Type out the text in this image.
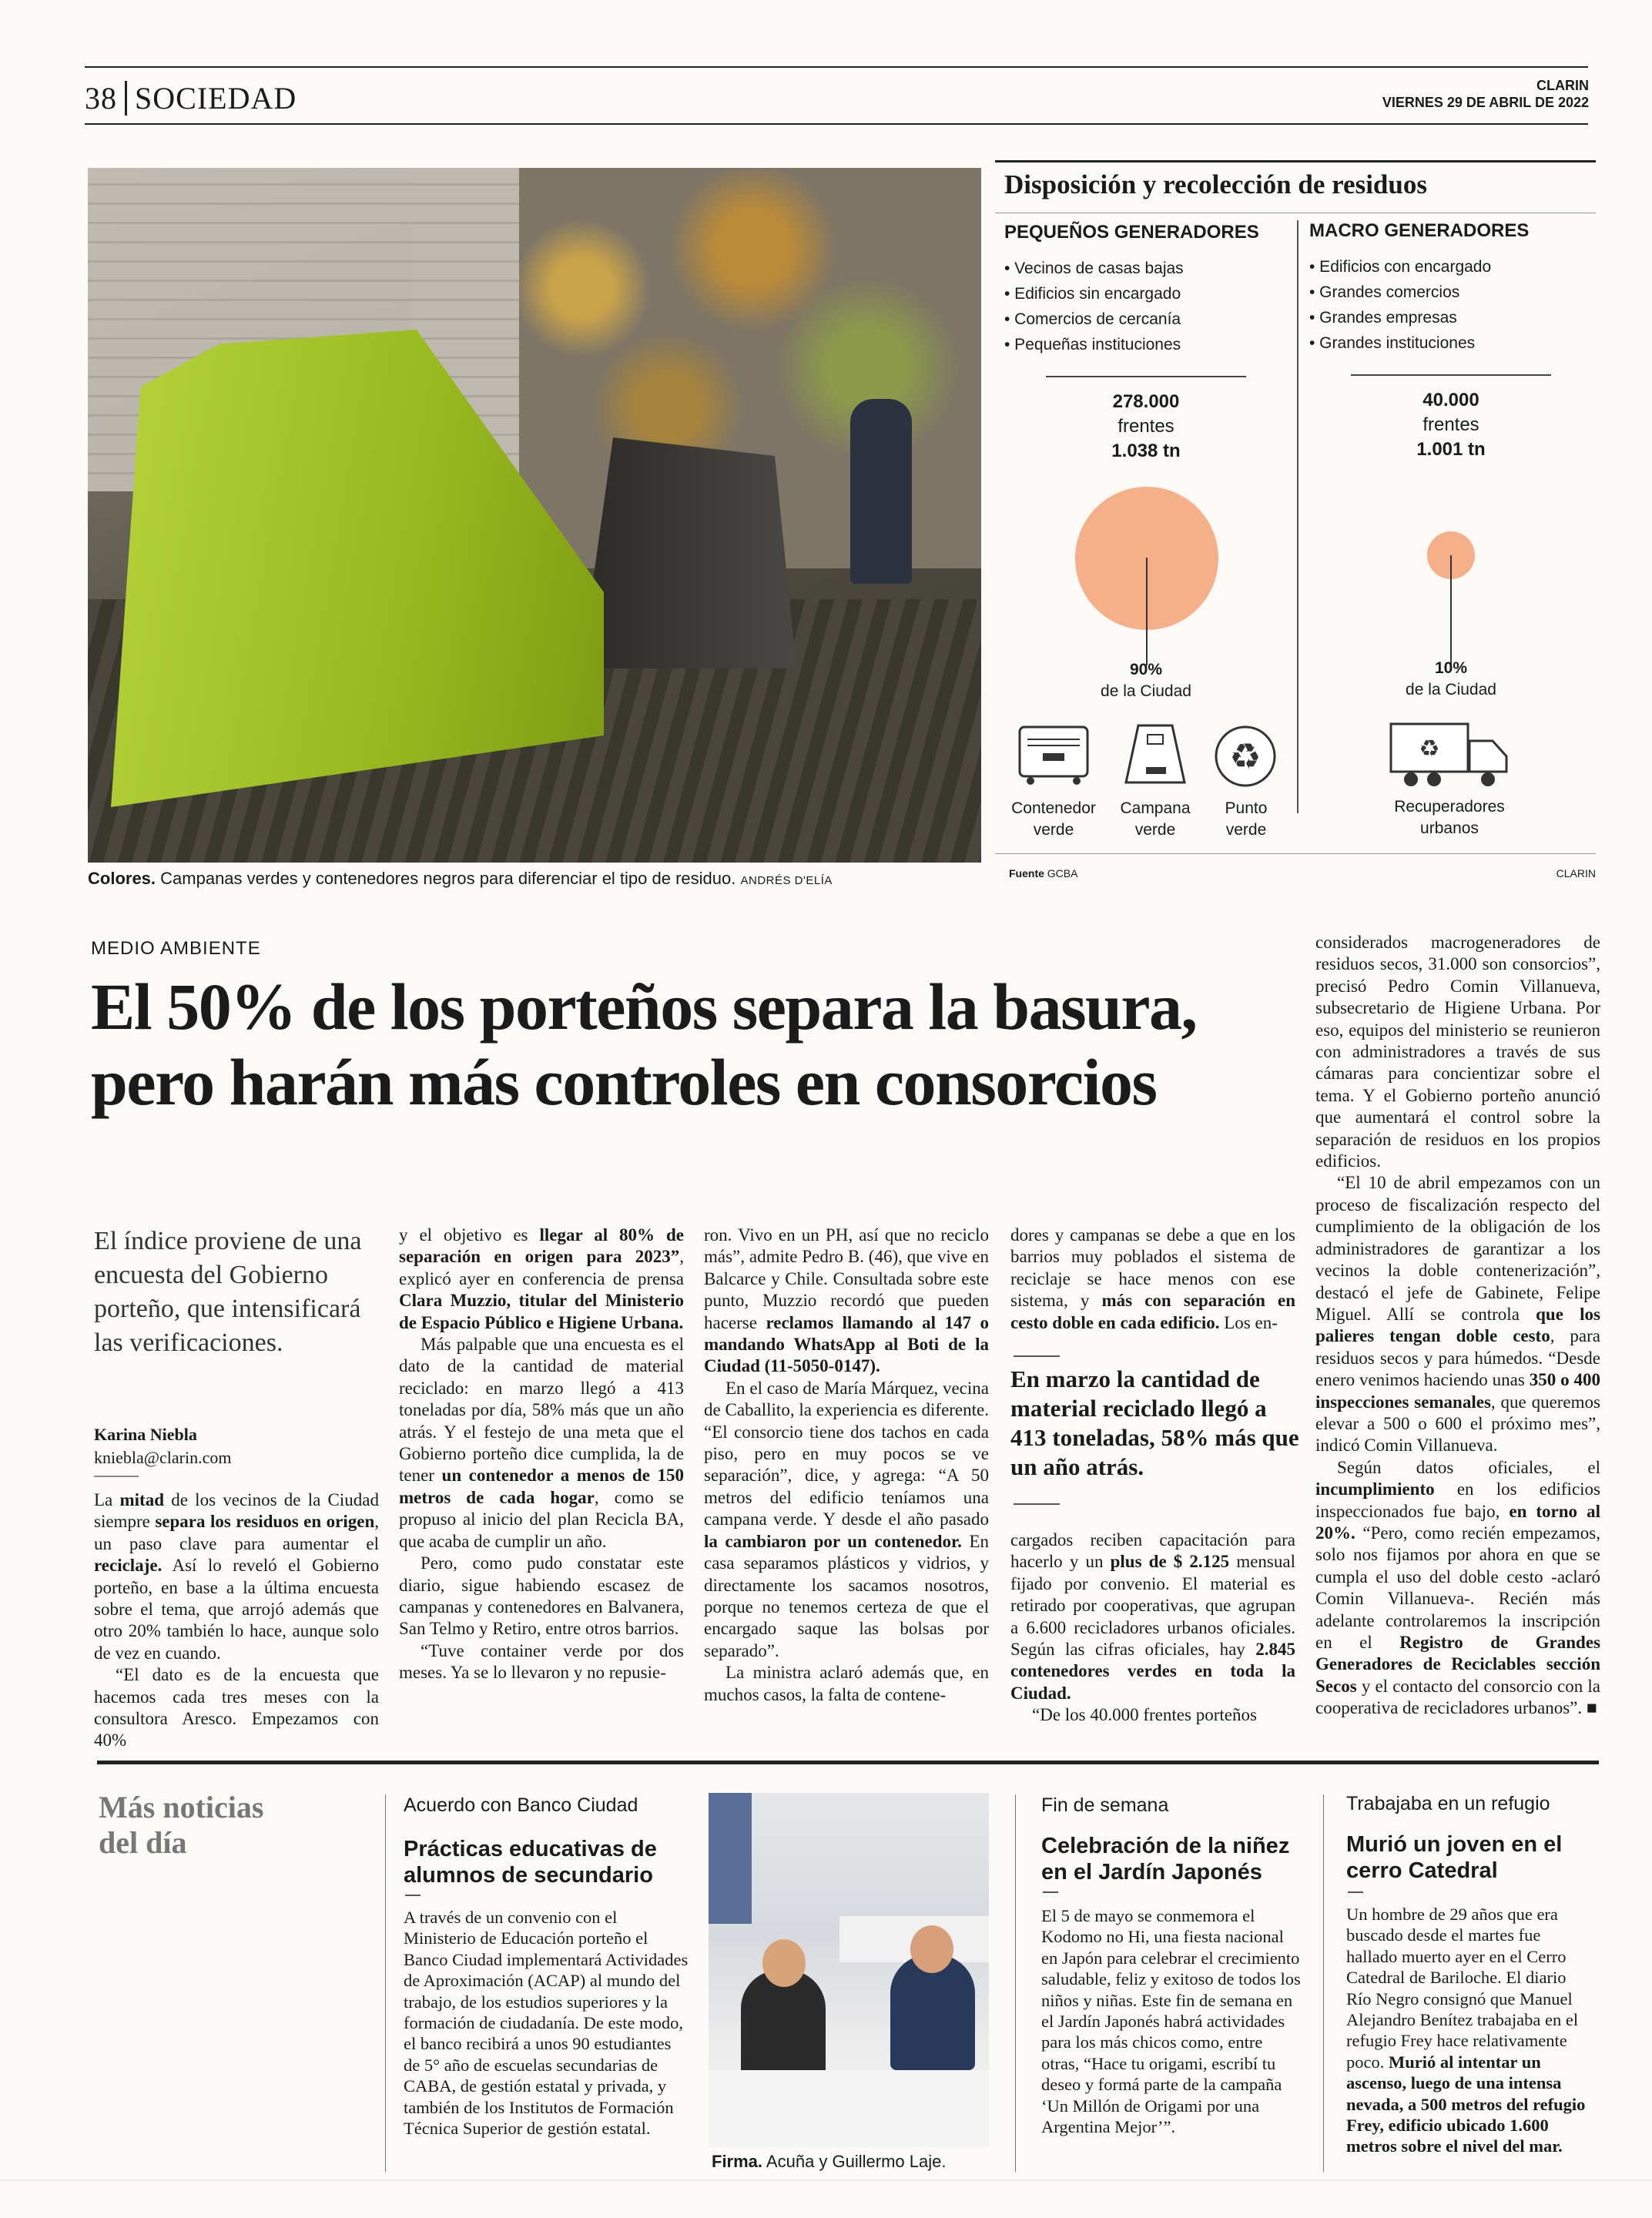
38 SOCIEDAD	CLARIN
VIERNES 29 DE ABRIL DE 2022
Colores. Campanas verdes y contenedores negros para diferenciar el tipo de residuo. ANDRÉS D'ELÍA
Disposición y recolección de residuos
PEQUEÑOS GENERADORES
• Vecinos de casas bajas
• Edificios sin encargado
• Comercios de cercanía
• Pequeñas instituciones
278.000
frentes
1.038 tn
90%
de la Ciudad
MACRO GENERADORES
• Edificios con encargado
• Grandes comercios
• Grandes empresas
• Grandes instituciones
40.000
frentes
1.001 tn
10%
de la Ciudad
♻	♻
Contenedor
verde
Campana
verde
Punto
verde
Recuperadores
urbanos
Fuente GCBA	CLARIN
MEDIO AMBIENTE
El 50% de los porteños separa la basura,
pero harán más controles en consorcios
El índice proviene de una encuesta del Gobierno porteño, que intensificará las verificaciones.
Karina Niebla
kniebla@clarin.com

La mitad de los vecinos de la Ciudad siempre separa los residuos en origen, un paso clave para aumentar el reciclaje. Así lo reveló el Gobierno porteño, en base a la última encuesta sobre el tema, que arrojó además que otro 20% también lo hace, aunque solo de vez en cuando.

“El dato es de la encuesta que hacemos cada tres meses con la consultora Aresco. Empezamos con 40%

y el objetivo es llegar al 80% de separación en origen para 2023”, explicó ayer en conferencia de prensa Clara Muzzio, titular del Ministerio de Espacio Público e Higiene Urbana.

Más palpable que una encuesta es el dato de la cantidad de material reciclado: en marzo llegó a 413 toneladas por día, 58% más que un año atrás. Y el festejo de una meta que el Gobierno porteño dice cumplida, la de tener un contenedor a menos de 150 metros de cada hogar, como se propuso al inicio del plan Recicla BA, que acaba de cumplir un año.

Pero, como pudo constatar este diario, sigue habiendo escasez de campanas y contenedores en Balvanera, San Telmo y Retiro, entre otros barrios.

“Tuve container verde por dos meses. Ya se lo llevaron y no repusie-

ron. Vivo en un PH, así que no reciclo más”, admite Pedro B. (46), que vive en Balcarce y Chile. Consultada sobre este punto, Muzzio recordó que pueden hacerse reclamos llamando al 147 o mandando WhatsApp al Boti de la Ciudad (11-5050-0147).

En el caso de María Márquez, vecina de Caballito, la experiencia es diferente. “El consorcio tiene dos tachos en cada piso, pero en muy pocos se ve separación”, dice, y agrega: “A 50 metros del edificio teníamos una campana verde. Y desde el año pasado la cambiaron por un contenedor. En casa separamos plásticos y vidrios, y directamente los sacamos nosotros, porque no tenemos certeza de que el encargado saque las bolsas por separado”.

La ministra aclaró además que, en muchos casos, la falta de contene-

dores y campanas se debe a que en los barrios muy poblados el sistema de reciclaje se hace menos con ese sistema, y más con separación en cesto doble en cada edificio. Los en-

En marzo la cantidad de material reciclado llegó a 413 toneladas, 58% más que un año atrás.

cargados reciben capacitación para hacerlo y un plus de $ 2.125 mensual fijado por convenio. El material es retirado por cooperativas, que agrupan a 6.600 recicladores urbanos oficiales. Según las cifras oficiales, hay 2.845 contenedores verdes en toda la Ciudad.

“De los 40.000 frentes porteños

considerados macrogeneradores de residuos secos, 31.000 son consorcios”, precisó Pedro Comin Villanueva, subsecretario de Higiene Urbana. Por eso, equipos del ministerio se reunieron con administradores a través de sus cámaras para concientizar sobre el tema. Y el Gobierno porteño anunció que aumentará el control sobre la separación de residuos en los propios edificios.

“El 10 de abril empezamos con un proceso de fiscalización respecto del cumplimiento de la obligación de los administradores de garantizar a los vecinos la doble contenerización”, destacó el jefe de Gabinete, Felipe Miguel. Allí se controla que los palieres tengan doble cesto, para residuos secos y para húmedos. “Desde enero venimos haciendo unas 350 o 400 inspecciones semanales, que queremos elevar a 500 o 600 el próximo mes”, indicó Comin Villanueva.

Según datos oficiales, el incumplimiento en los edificios inspeccionados fue bajo, en torno al 20%. “Pero, como recién empezamos, solo nos fijamos por ahora en que se cumpla el uso del doble cesto -aclaró Comin Villanueva-. Recién más adelante controlaremos la inscripción en el Registro de Grandes Generadores de Reciclables sección Secos y el contacto del consorcio con la cooperativa de recicladores urbanos”. ■

Más noticias
del día
Acuerdo con Banco Ciudad
Prácticas educativas de alumnos de secundario
A través de un convenio con el Ministerio de Educación porteño el Banco Ciudad implementará Actividades de Aproximación (ACAP) al mundo del trabajo, de los estudios superiores y la formación de ciudadanía. De este modo, el banco recibirá a unos 90 estudiantes de 5° año de escuelas secundarias de CABA, de gestión estatal y privada, y también de los Institutos de Formación Técnica Superior de gestión estatal.
Firma. Acuña y Guillermo Laje.
Fin de semana
Celebración de la niñez en el Jardín Japonés
El 5 de mayo se conmemora el Kodomo no Hi, una fiesta nacional en Japón para celebrar el crecimiento saludable, feliz y exitoso de todos los niños y niñas. Este fin de semana en el Jardín Japonés habrá actividades para los más chicos como, entre otras, “Hace tu origami, escribí tu deseo y formá parte de la campaña ‘Un Millón de Origami por una Argentina Mejor’”.
Trabajaba en un refugio
Murió un joven en el cerro Catedral
Un hombre de 29 años que era buscado desde el martes fue hallado muerto ayer en el Cerro Catedral de Bariloche. El diario Río Negro consignó que Manuel Alejandro Benítez trabajaba en el refugio Frey hace relativamente poco. Murió al intentar un ascenso, luego de una intensa nevada, a 500 metros del refugio Frey, edificio ubicado 1.600 metros sobre el nivel del mar.
